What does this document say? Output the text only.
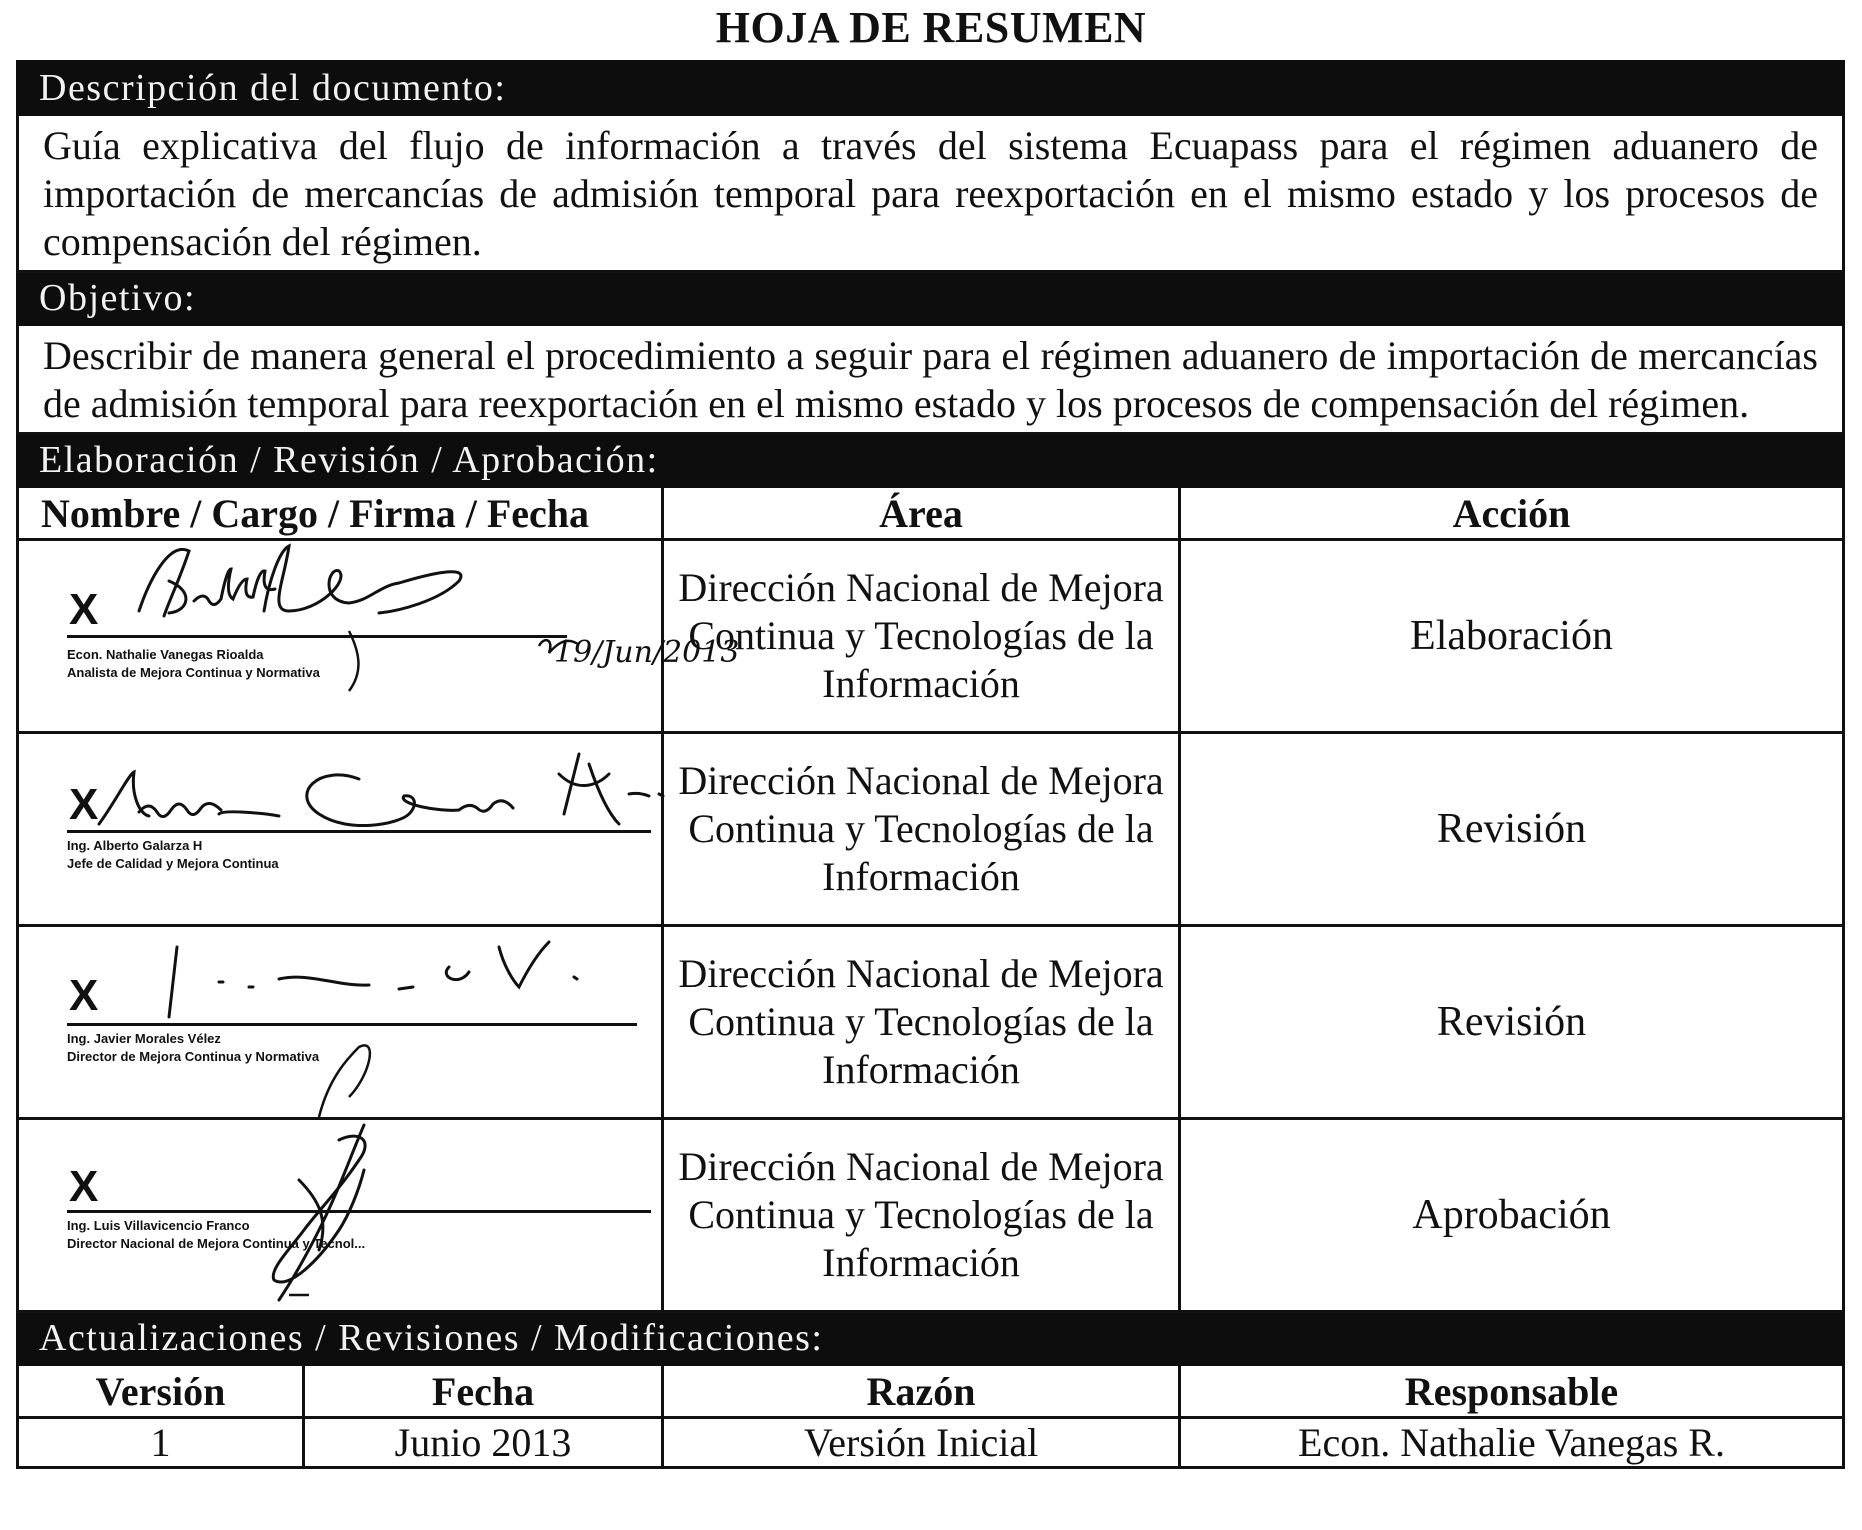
HOJA DE RESUMEN
Descripción del documento:			
Guía explicativa del flujo de información a través del sistema Ecuapass para el régimen aduanero de importación de mercancías de admisión temporal para reexportación en el mismo estado y los procesos de compensación del régimen.			
Objetivo:			
Describir de manera general el procedimiento a seguir para el régimen aduanero de importación de mercancías de admisión temporal para reexportación en el mismo estado y los procesos de compensación del régimen.			
Elaboración / Revisión / Aprobación:			
Nombre / Cargo / Firma / Fecha		Área	Acción

X
Econ. Nathalie Vanegas Rioalda
Analista de Mejora Continua y Normativa
19/Jun/2013		Dirección Nacional de Mejora Continua y Tecnologías de la Información	Elaboración

X
Ing. Alberto Galarza H
Jefe de Calidad y Mejora Continua		Dirección Nacional de Mejora Continua y Tecnologías de la Información	Revisión

X
Ing. Javier Morales Vélez
Director de Mejora Continua y Normativa		Dirección Nacional de Mejora Continua y Tecnologías de la Información	Revisión

X
Ing. Luis Villavicencio Franco
Director Nacional de Mejora Continua y Tecnol...		Dirección Nacional de Mejora Continua y Tecnologías de la Información	Aprobación
Actualizaciones / Revisiones / Modificaciones:			
Versión	Fecha	Razón	Responsable
1	Junio 2013	Versión Inicial	Econ. Nathalie Vanegas R.
